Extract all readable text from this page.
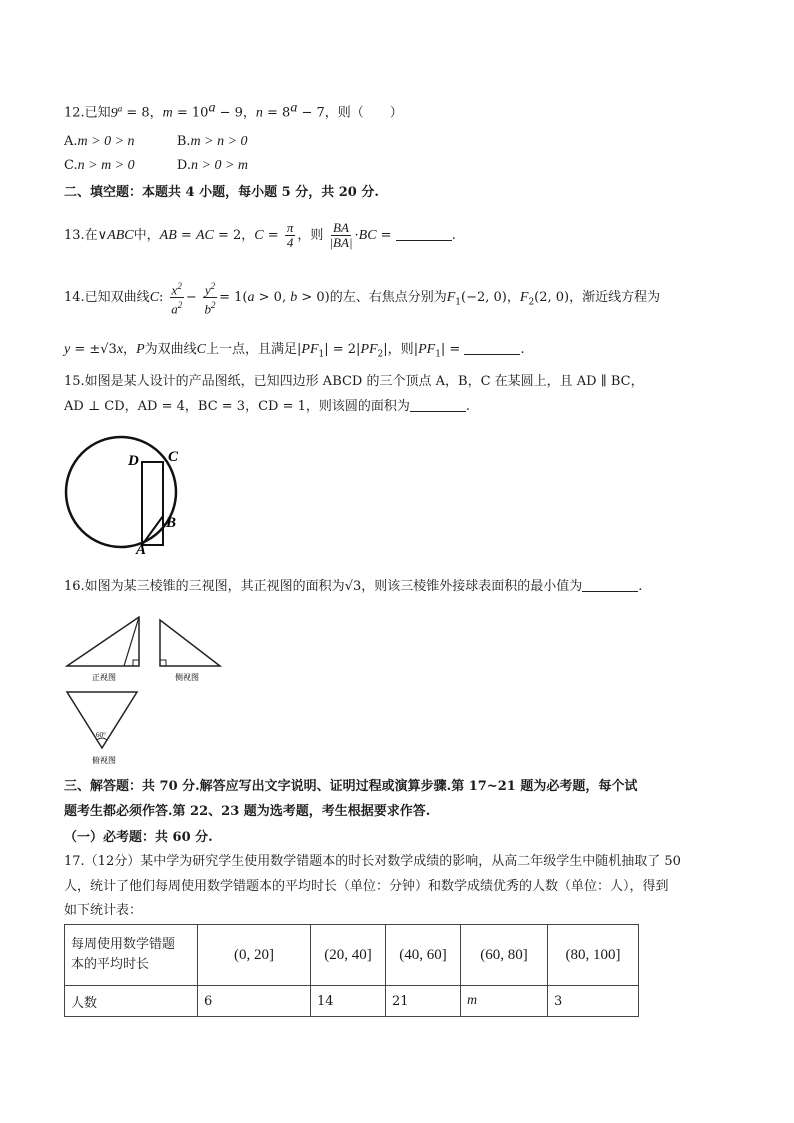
12.已知$9^a = 8$，$m = 10^a - 9$，$n = 8^a - 7$，则（　　）
A.m > 0 > n	B.m > n > 0
C.n > m > 0	D.n > 0 > m
二、填空题：本题共 4 小题，每小题 5 分，共 20 分.
13.在∨ABC中，AB = AC = 2，$C = \frac{\pi}{4}$ ，则 $\frac{BA}{|BA|} \cdot BC$ =	.
14.已知双曲线C: $\frac{x^2}{a^2} - \frac{y^2}{b^2} = 1(a > 0$, b > 0)的左、右焦点分别为$F_1(-2$, 0)，$F_2(2$, 0)，渐近线方程为
y = ±√3x，P为双曲线C上一点，且满足$|PF_1| = 2|PF_2|$，则$|PF_1|$ =	.
15.如图是某人设计的产品图纸，已知四边形 ABCD 的三个顶点 A，B，C 在某圆上，且 AD ∥ BC，
AD ⊥ CD，AD = 4，BC = 3，CD = 1，则该圆的面积为	.
D C
B
A
16.如图为某三棱锥的三视图，其正视图的面积为√3，则该三棱锥外接球表面积的最小值为	.
正视图	侧视图
60°
俯视图
三、解答题：共 70 分.解答应写出文字说明、证明过程或演算步骤.第 17~21 题为必考题，每个试
题考生都必须作答.第 22、23 题为选考题，考生根据要求作答.
（一）必考题：共 60 分.
17.（12分）某中学为研究学生使用数学错题本的时长对数学成绩的影响，从高二年级学生中随机抽取了 50
人，统计了他们每周使用数学错题本的平均时长（单位：分钟）和数学成绩优秀的人数（单位：人），得到
如下统计表：
每周使用数学错题
本的平均时长	(0, 20]	(20, 40]	(40, 60]	(60, 80]	(80, 100]
人数	6	14	21	m	3
